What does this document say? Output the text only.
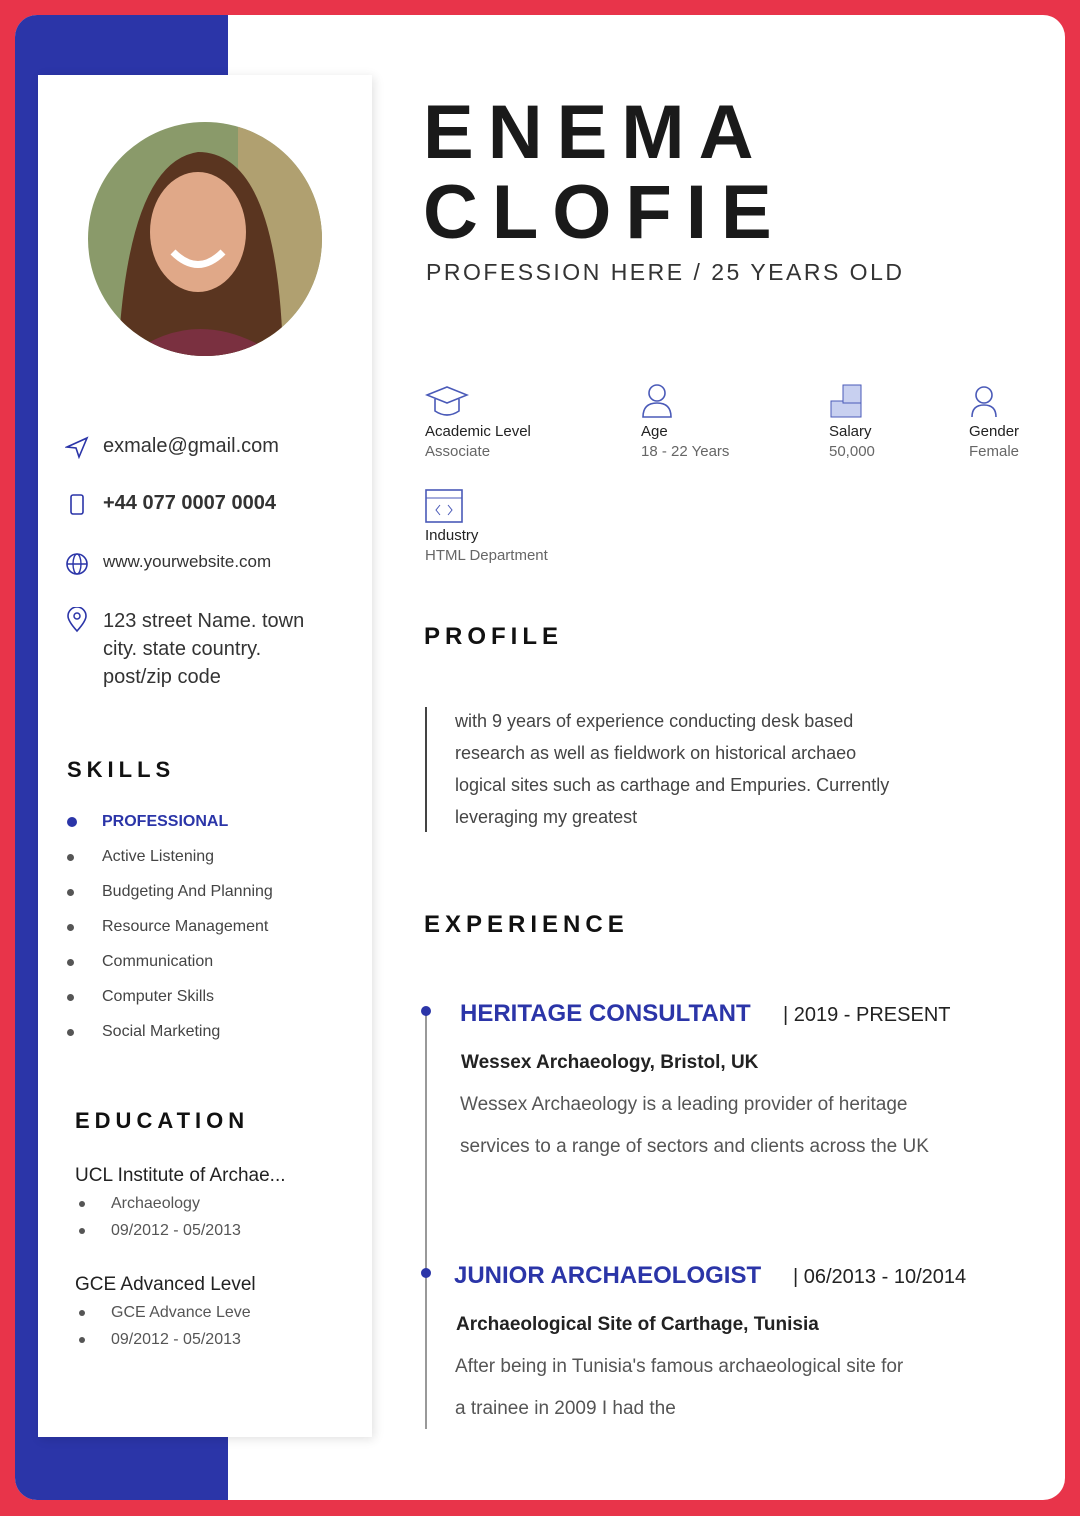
exmale@gmail.com
+44 077 0007 0004
www.yourwebsite.com
123 street Name. town
city. state country.
post/zip code
SKILLS
PROFESSIONAL
Active Listening
Budgeting And Planning
Resource Management
Communication
Computer Skills
Social Marketing
EDUCATION
UCL Institute of Archae...
Archaeology
09/2012 - 05/2013
GCE Advanced Level
GCE Advance Leve
09/2012 - 05/2013
ENEMA
CLOFIE
PROFESSION HERE / 25 YEARS OLD
Academic Level
Associate
Age
18 - 22 Years
Salary
50,000
Gender
Female
Industry
HTML Department
PROFILE
with 9 years of experience conducting desk based
research as well as fieldwork on historical archaeo
logical sites such as carthage and Empuries. Currently
leveraging my greatest
EXPERIENCE
HERITAGE CONSULTANT | 2019 - PRESENT
Wessex Archaeology, Bristol, UK
Wessex Archaeology is a leading provider of heritage
services to a range of sectors and clients across the UK
JUNIOR ARCHAEOLOGIST | 06/2013 - 10/2014
Archaeological Site of Carthage, Tunisia
After being in Tunisia's famous archaeological site for
a trainee in 2009 I had the
